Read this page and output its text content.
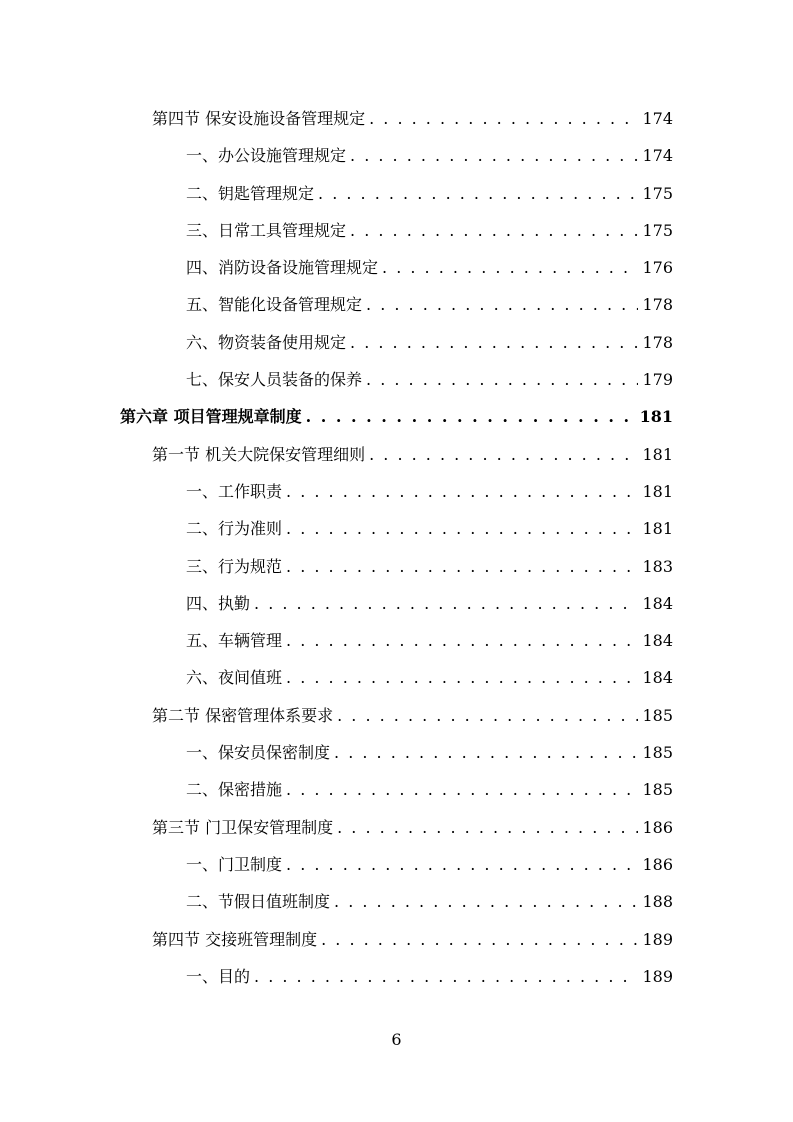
第四节 保安设施设备管理规定 . . .	174
一、办公设施管理规定 . . .	174
二、钥匙管理规定 . . .	175
三、日常工具管理规定 . . .	175
四、消防设备设施管理规定 . . .	176
五、智能化设备管理规定 . . .	178
六、物资装备使用规定 . . .	178
七、保安人员装备的保养 . . .	179
第六章 项目管理规章制度 . . .	181
第一节 机关大院保安管理细则 . . .	181
一、工作职责 . . .	181
二、行为准则 . . .	181
三、行为规范 . . .	183
四、执勤 . . .	184
五、车辆管理 . . .	184
六、夜间值班 . . .	184
第二节 保密管理体系要求 . . .	185
一、保安员保密制度 . . .	185
二、保密措施 . . .	185
第三节 门卫保安管理制度 . . .	186
一、门卫制度 . . .	186
二、节假日值班制度 . . .	188
第四节 交接班管理制度 . . .	189
一、目的 . . .	189
6
